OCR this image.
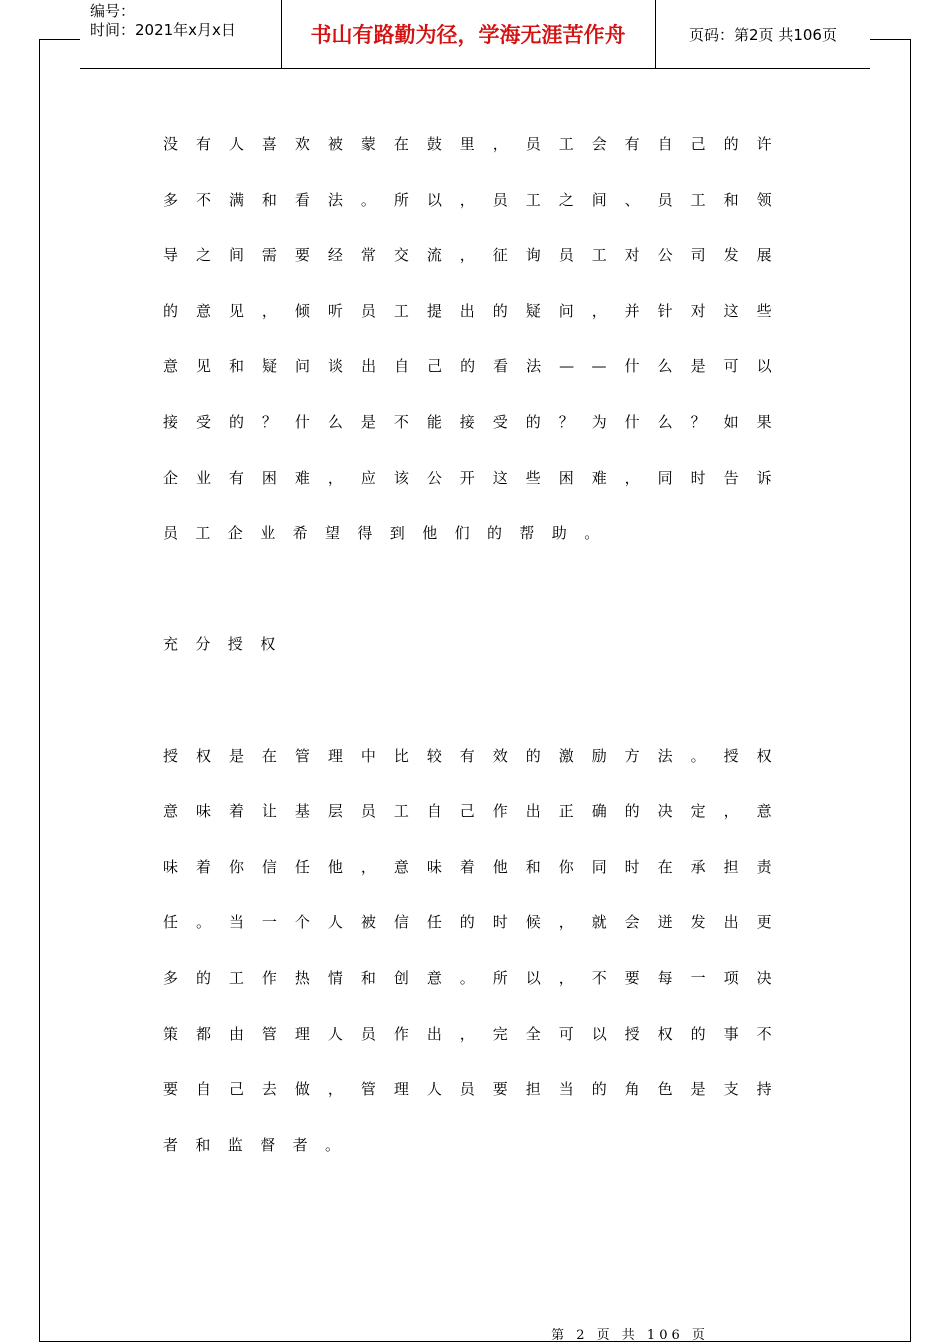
编号：
时间：2021年x月x日	书山有路勤为径，学海无涯苦作舟	页码：第2页 共106页

没有人喜欢被蒙在鼓里，员工会有自己的许多不满和看法。所以，员工之间、员工和领导之间需要经常交流，征询员工对公司发展的意见，倾听员工提出的疑问，并针对这些意见和疑问谈出自己的看法——什么是可以接受的？什么是不能接受的？为什么？如果企业有困难，应该公开这些困难，同时告诉员工企业希望得到他们的帮助。

充分授权

授权是在管理中比较有效的激励方法。授权意味着让基层员工自己作出正确的决定，意味着你信任他，意味着他和你同时在承担责任。当一个人被信任的时候，就会迸发出更多的工作热情和创意。所以，不要每一项决策都由管理人员作出，完全可以授权的事不要自己去做，管理人员要担当的角色是支持者和监督者。

第 2 页 共 106 页
